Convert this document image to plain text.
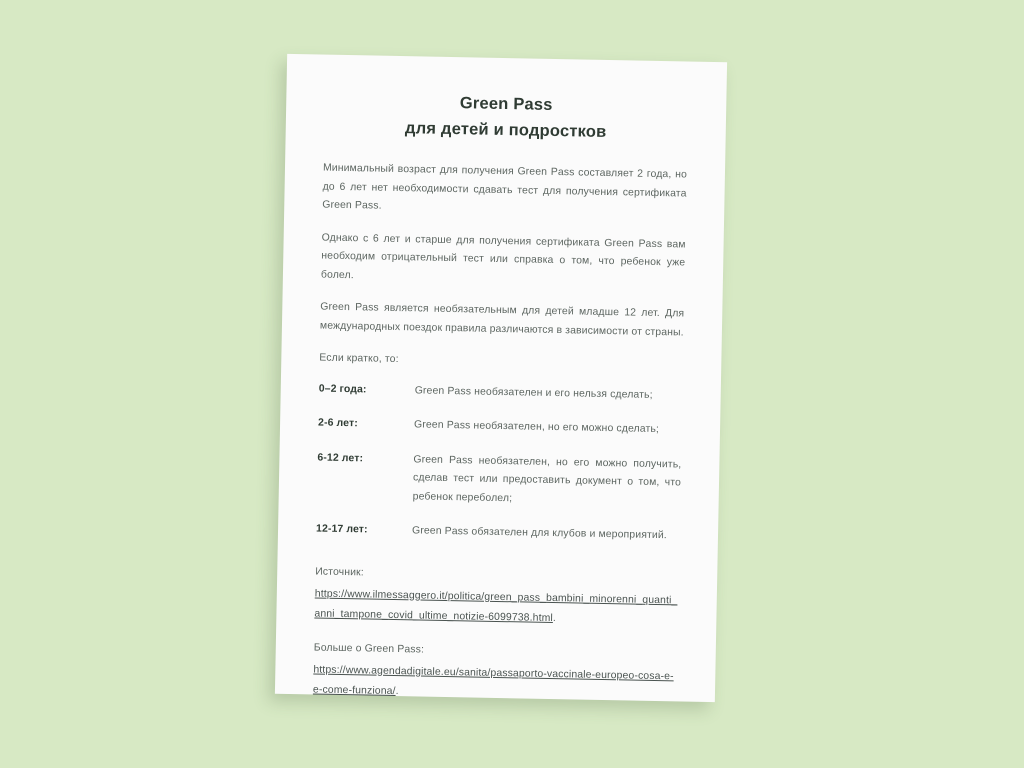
Green Pass
для детей и подростков

Минимальный возраст для получения Green Pass составляет 2 года, но до 6 лет нет необходимости сдавать тест для получения сертификата Green Pass.

Однако с 6 лет и старше для получения сертификата Green Pass вам необходим отрицательный тест или справка о том, что ребенок уже болел.

Green Pass является необязательным для детей младше 12 лет. Для международных поездок правила различаются в зависимости от страны.

Если кратко, то:

0–2 года:	Green Pass необязателен и его нельзя сделать;
2-6 лет:	Green Pass необязателен, но его можно сделать;
6-12 лет:	Green Pass необязателен, но его можно получить, сделав тест или предоставить документ о том, что ребенок переболел;
12-17 лет:	Green Pass обязателен для клубов и мероприятий.

Источник:

https://www.ilmessaggero.it/politica/green_pass_bambini_minorenni_quanti_anni_tampone_covid_ultime_notizie-6099738.html.

Больше о Green Pass:

https://www.agendadigitale.eu/sanita/passaporto-vaccinale-europeo-cosa-e-e-come-funziona/.
